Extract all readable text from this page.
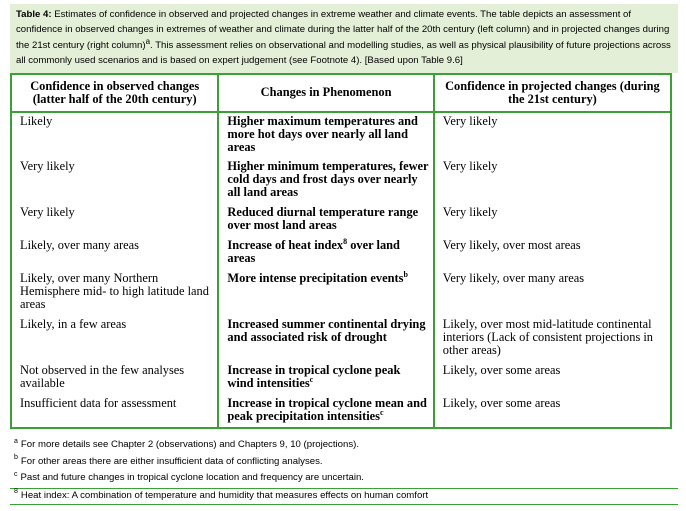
Table 4: Estimates of confidence in observed and projected changes in extreme weather and climate events. The table depicts an assessment of confidence in observed changes in extremes of weather and climate during the latter half of the 20th century (left column) and in projected changes during the 21st century (right column)$^a$. This assessment relies on observational and modelling studies, as well as physical plausibility of future projections across all commonly used scenarios and is based on expert judgement (see Footnote 4). [Based upon Table 9.6]
Confidence in observed changes (latter half of the 20th century)	Changes in Phenomenon	Confidence in projected changes (during the 21st century)
Likely	Higher maximum temperatures and more hot days over nearly all land areas	Very likely
Very likely	Higher minimum temperatures, fewer cold days and frost days over nearly all land areas	Very likely
Very likely	Reduced diurnal temperature range over most land areas	Very likely
Likely, over many areas	Increase of heat index$^8$ over land areas	Very likely, over most areas
Likely, over many Northern Hemisphere mid- to high latitude land areas	More intense precipitation events$^b$	Very likely, over many areas
Likely, in a few areas	Increased summer continental drying and associated risk of drought	Likely, over most mid-latitude continental interiors (Lack of consistent projections in other areas)
Not observed in the few analyses available	Increase in tropical cyclone peak wind intensities$^c$	Likely, over some areas
Insufficient data for assessment	Increase in tropical cyclone mean and peak precipitation intensities$^c$	Likely, over some areas
$^a$ For more details see Chapter 2 (observations) and Chapters 9, 10 (projections).
$^b$ For other areas there are either insufficient data of conflicting analyses.
$^c$ Past and future changes in tropical cyclone location and frequency are uncertain.
$^8$ Heat index: A combination of temperature and humidity that measures effects on human comfort
